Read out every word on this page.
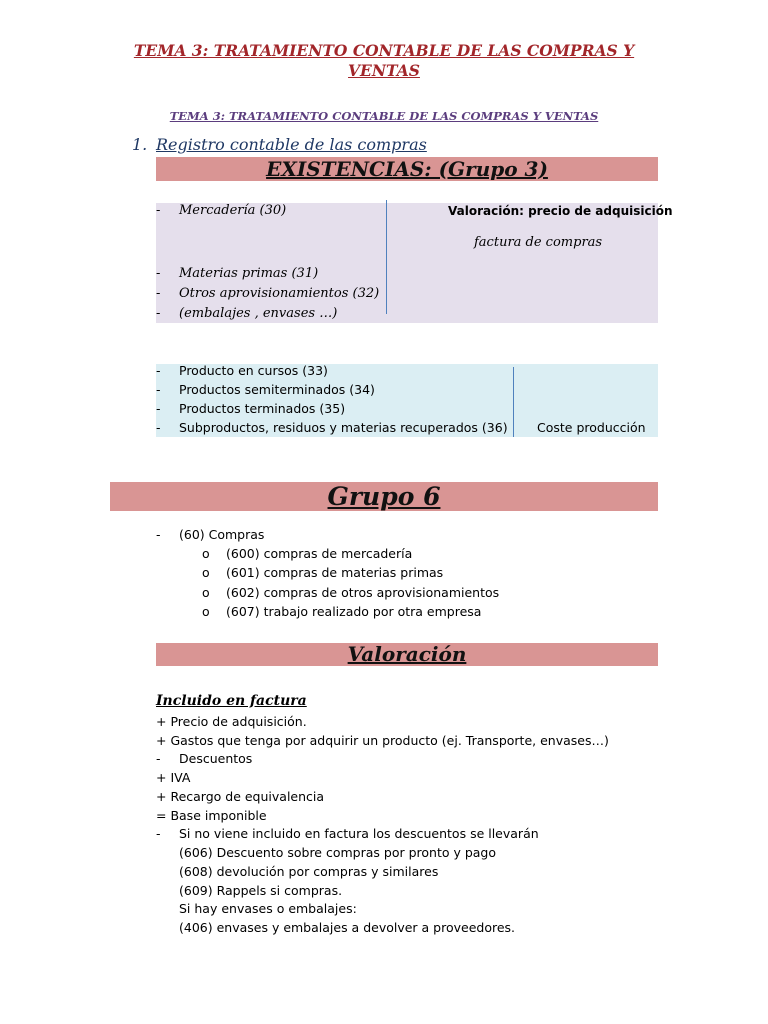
TEMA 3: TRATAMIENTO CONTABLE DE LAS COMPRAS Y VENTAS
TEMA 3: TRATAMIENTO CONTABLE DE LAS COMPRAS Y VENTAS
1. Registro contable de las compras
EXISTENCIAS: (Grupo 3)
- Mercadería (30)
- Materias primas (31)
- Otros aprovisionamientos (32)
- (embalajes , envases …)
Valoración: precio de adquisición
factura de compras
- Producto en cursos (33)
- Productos semiterminados (34)
- Productos terminados (35)
- Subproductos, residuos y materias recuperados (36) Coste producción
Grupo 6
- (60) Compras
o (600) compras de mercadería
o (601) compras de materias primas
o (602) compras de otros aprovisionamientos
o (607) trabajo realizado por otra empresa
Valoración
Incluido en factura
+ Precio de adquisición.
+ Gastos que tenga por adquirir un producto (ej. Transporte, envases…)
- Descuentos
+ IVA
+ Recargo de equivalencia
= Base imponible
- Si no viene incluido en factura los descuentos se llevarán
(606) Descuento sobre compras por pronto y pago
(608) devolución por compras y similares
(609) Rappels si compras.
Si hay envases o embalajes:
(406) envases y embalajes a devolver a proveedores.
